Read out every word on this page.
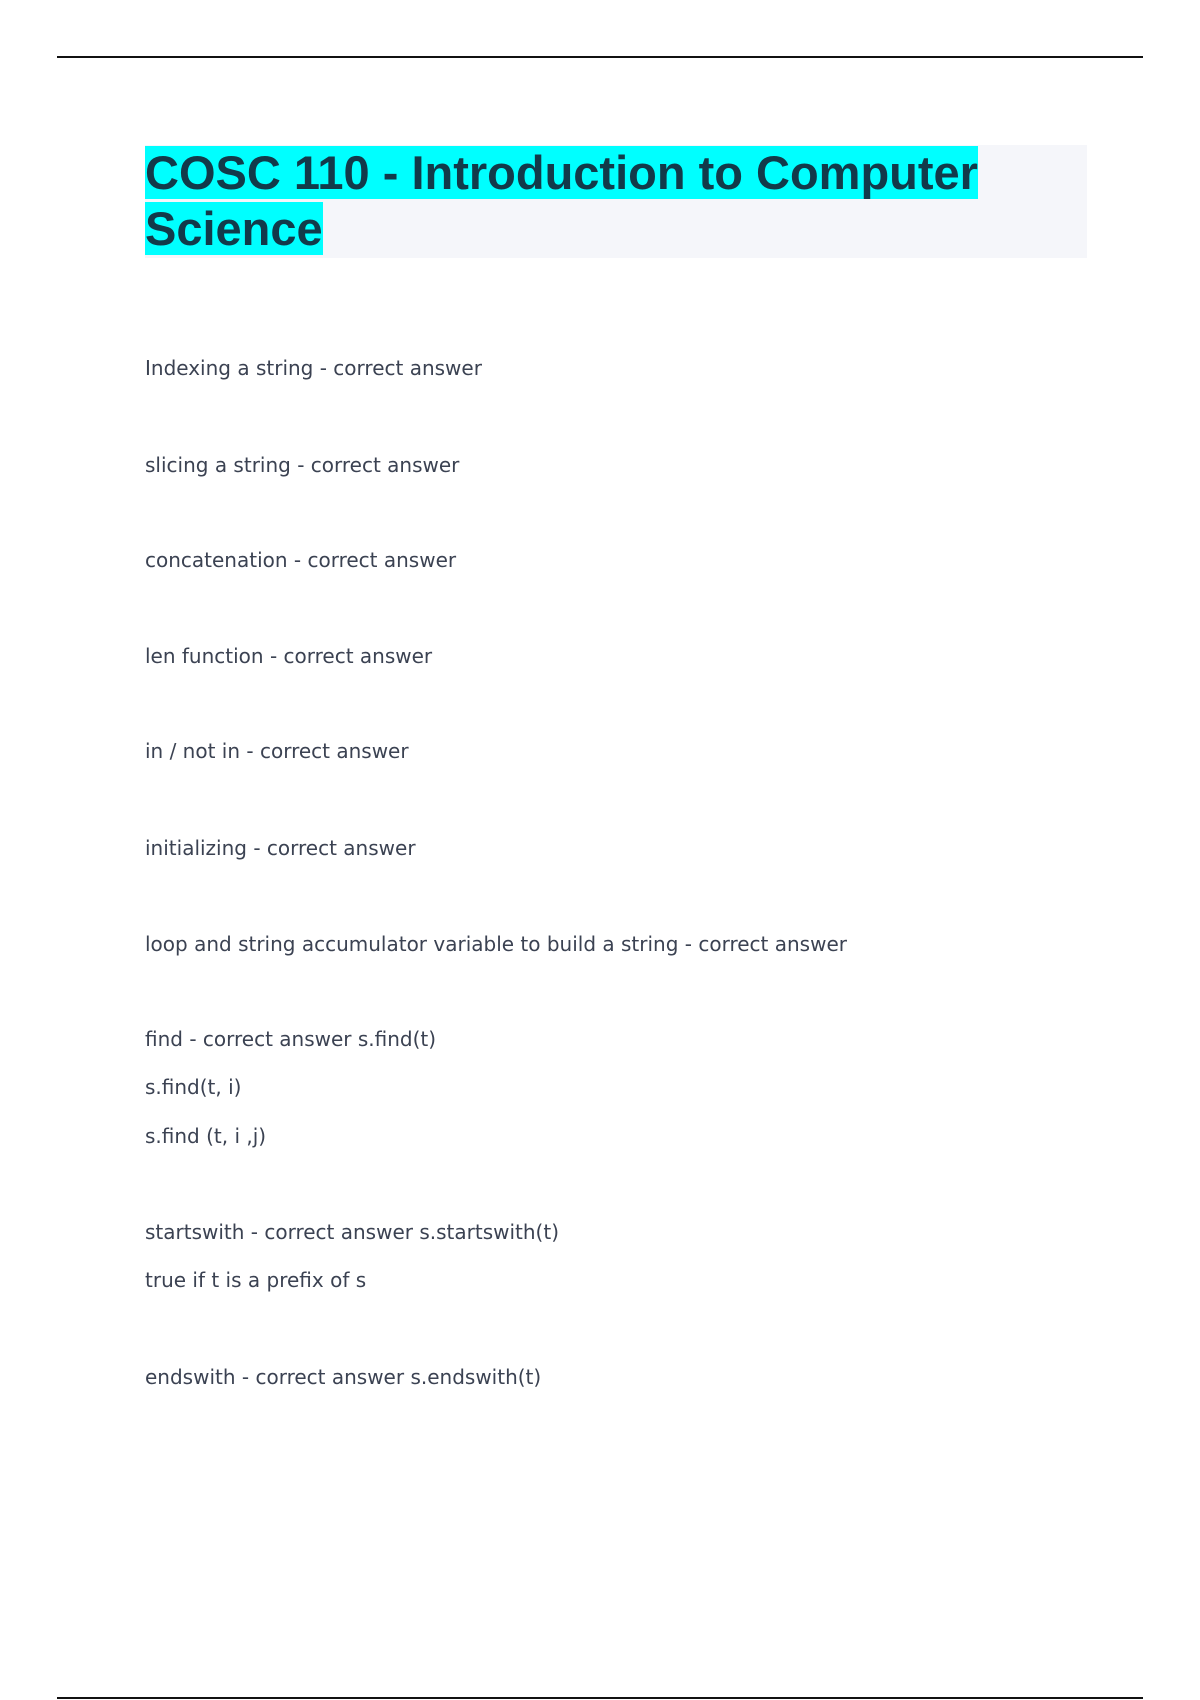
COSC 110 - Introduction to Computer Science

Indexing a string - correct answer

slicing a string - correct answer

concatenation - correct answer

len function - correct answer

in / not in - correct answer

initializing - correct answer

loop and string accumulator variable to build a string - correct answer

find - correct answer s.find(t)

s.find(t, i)

s.find (t, i ,j)

startswith - correct answer s.startswith(t)

true if t is a prefix of s

endswith - correct answer s.endswith(t)
